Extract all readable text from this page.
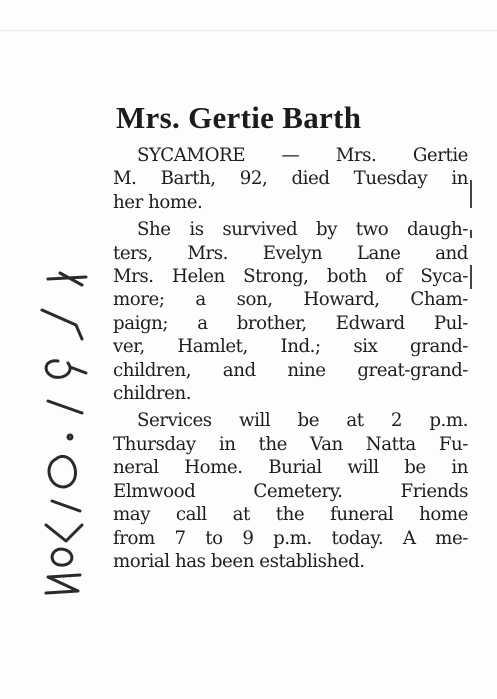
Mrs. Gertie Barth
SYCAMORE — Mrs. Gertie
M. Barth, 92, died Tuesday in
her home.
She is survived by two daugh-
ters, Mrs. Evelyn Lane and
Mrs. Helen Strong, both of Syca-
more; a son, Howard, Cham-
paign; a brother, Edward Pul-
ver, Hamlet, Ind.; six grand-
children, and nine great-grand-
children.
Services will be at 2 p.m.
Thursday in the Van Natta Fu-
neral Home. Burial will be in
Elmwood Cemetery. Friends
may call at the funeral home
from 7 to 9 p.m. today. A me-
morial has been established.
